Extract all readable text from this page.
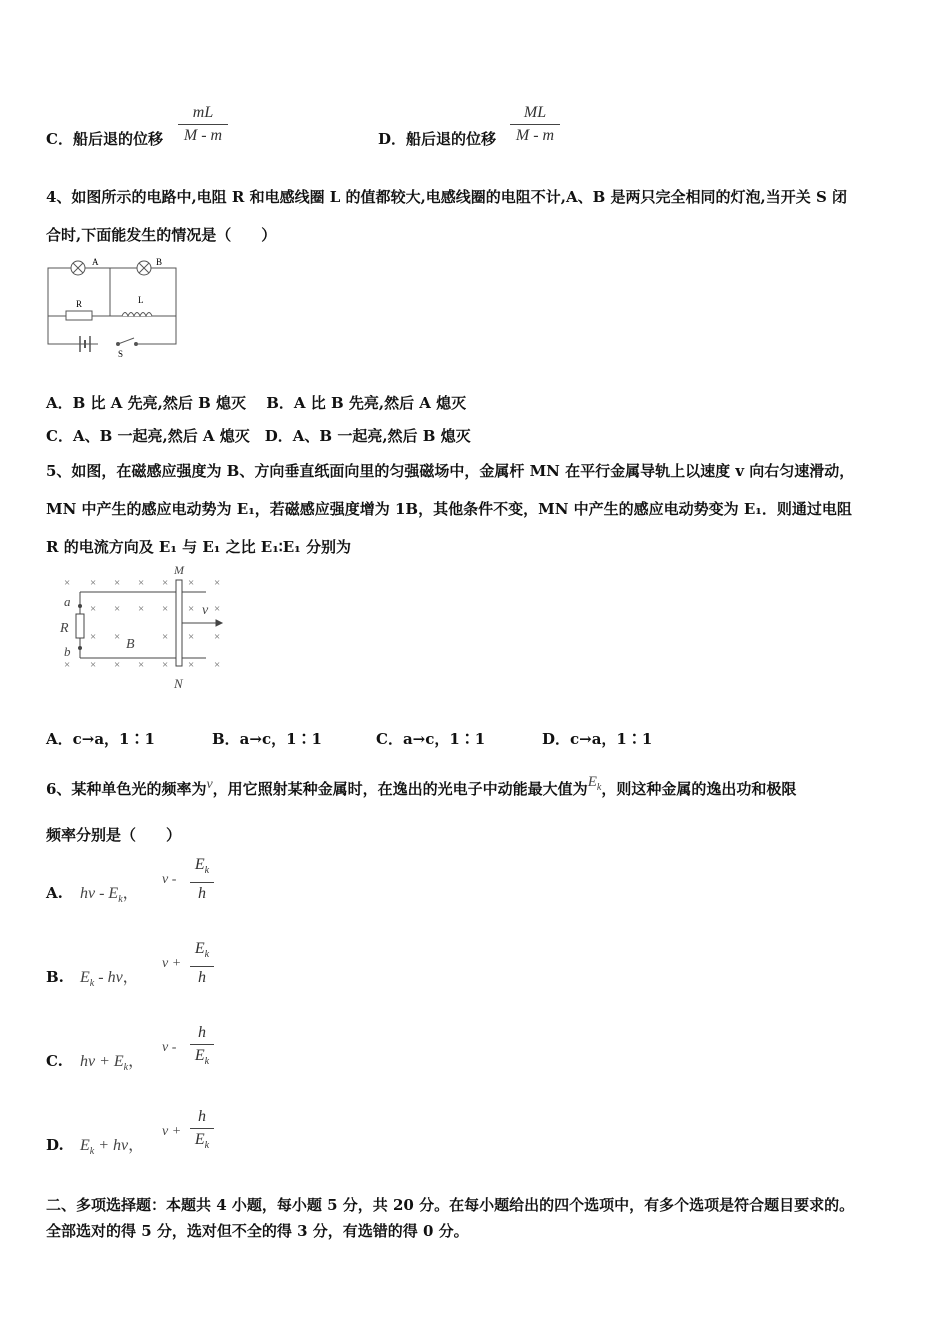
C．船后退的位移
mL
M - m	D．船后退的位移
ML
M - m
4、如图所示的电路中,电阻 R 和电感线圈 L 的值都较大,电感线圈的电阻不计,A、B 是两只完全相同的灯泡,当开关 S 闭
合时,下面能发生的情况是（　　）
A	B
R	L
S
A．B 比 A 先亮,然后 B 熄灭　 B．A 比 B 先亮,然后 A 熄灭
C．A、B 一起亮,然后 A 熄灭　D．A、B 一起亮,然后 B 熄灭
5、如图，在磁感应强度为 B、方向垂直纸面向里的匀强磁场中，金属杆 MN 在平行金属导轨上以速度 v 向右匀速滑动，
MN 中产生的感应电动势为 E₁，若磁感应强度增为 1B，其他条件不变，MN 中产生的感应电动势变为 E₁．则通过电阻
R 的电流方向及 E₁ 与 E₁ 之比 E₁∶E₁ 分别为
× × × × × × ×
× × × × × ×
× ×	× × ×
× × × × × × ×
M
N
a
b
R
B
v
A．c→a，1∶1	B．a→c，1∶1	C．a→c，1∶1	D．c→a，1∶1
6、某种单色光的频率为ν，用它照射某种金属时，在逸出的光电子中动能最大值为$E_k$，则这种金属的逸出功和极限
频率分别是（　　）
A. hν - $E_k$，
ν -
$E_k$
h
B. $E_k$ - hν，
ν +
$E_k$
h
C. $h\nu + E_k$，
ν -
h
$E_k$
D. $E_k + h\nu$，
ν +
h
$E_k$
二、多项选择题：本题共 4 小题，每小题 5 分，共 20 分。在每小题给出的四个选项中，有多个选项是符合题目要求的。
全部选对的得 5 分，选对但不全的得 3 分，有选错的得 0 分。
